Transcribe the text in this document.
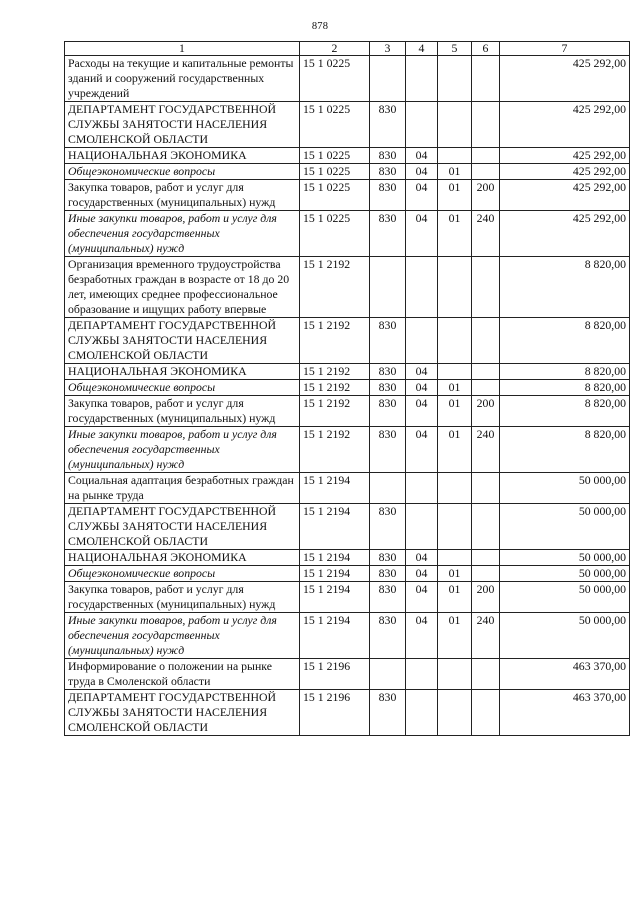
878
1	2	3	4	5	6	7
Расходы на текущие и капитальные ремонты зданий и сооружений государственных учреждений	15 1 0225					425 292,00
ДЕПАРТАМЕНТ ГОСУДАРСТВЕННОЙ СЛУЖБЫ ЗАНЯТОСТИ НАСЕЛЕНИЯ СМОЛЕНСКОЙ ОБЛАСТИ	15 1 0225	830				425 292,00
НАЦИОНАЛЬНАЯ ЭКОНОМИКА	15 1 0225	830	04			425 292,00
Общеэкономические вопросы	15 1 0225	830	04	01		425 292,00
Закупка товаров, работ и услуг для государственных (муниципальных) нужд	15 1 0225	830	04	01	200	425 292,00
Иные закупки товаров, работ и услуг для обеспечения государственных (муниципальных) нужд	15 1 0225	830	04	01	240	425 292,00
Организация временного трудоустройства безработных граждан в возрасте от 18 до 20 лет, имеющих среднее профессиональное образование и ищущих работу впервые	15 1 2192					8 820,00
ДЕПАРТАМЕНТ ГОСУДАРСТВЕННОЙ СЛУЖБЫ ЗАНЯТОСТИ НАСЕЛЕНИЯ СМОЛЕНСКОЙ ОБЛАСТИ	15 1 2192	830				8 820,00
НАЦИОНАЛЬНАЯ ЭКОНОМИКА	15 1 2192	830	04			8 820,00
Общеэкономические вопросы	15 1 2192	830	04	01		8 820,00
Закупка товаров, работ и услуг для государственных (муниципальных) нужд	15 1 2192	830	04	01	200	8 820,00
Иные закупки товаров, работ и услуг для обеспечения государственных (муниципальных) нужд	15 1 2192	830	04	01	240	8 820,00
Социальная адаптация безработных граждан на рынке труда	15 1 2194					50 000,00
ДЕПАРТАМЕНТ ГОСУДАРСТВЕННОЙ СЛУЖБЫ ЗАНЯТОСТИ НАСЕЛЕНИЯ СМОЛЕНСКОЙ ОБЛАСТИ	15 1 2194	830				50 000,00
НАЦИОНАЛЬНАЯ ЭКОНОМИКА	15 1 2194	830	04			50 000,00
Общеэкономические вопросы	15 1 2194	830	04	01		50 000,00
Закупка товаров, работ и услуг для государственных (муниципальных) нужд	15 1 2194	830	04	01	200	50 000,00
Иные закупки товаров, работ и услуг для обеспечения государственных (муниципальных) нужд	15 1 2194	830	04	01	240	50 000,00
Информирование о положении на рынке труда в Смоленской области	15 1 2196					463 370,00
ДЕПАРТАМЕНТ ГОСУДАРСТВЕННОЙ СЛУЖБЫ ЗАНЯТОСТИ НАСЕЛЕНИЯ СМОЛЕНСКОЙ ОБЛАСТИ	15 1 2196	830				463 370,00
